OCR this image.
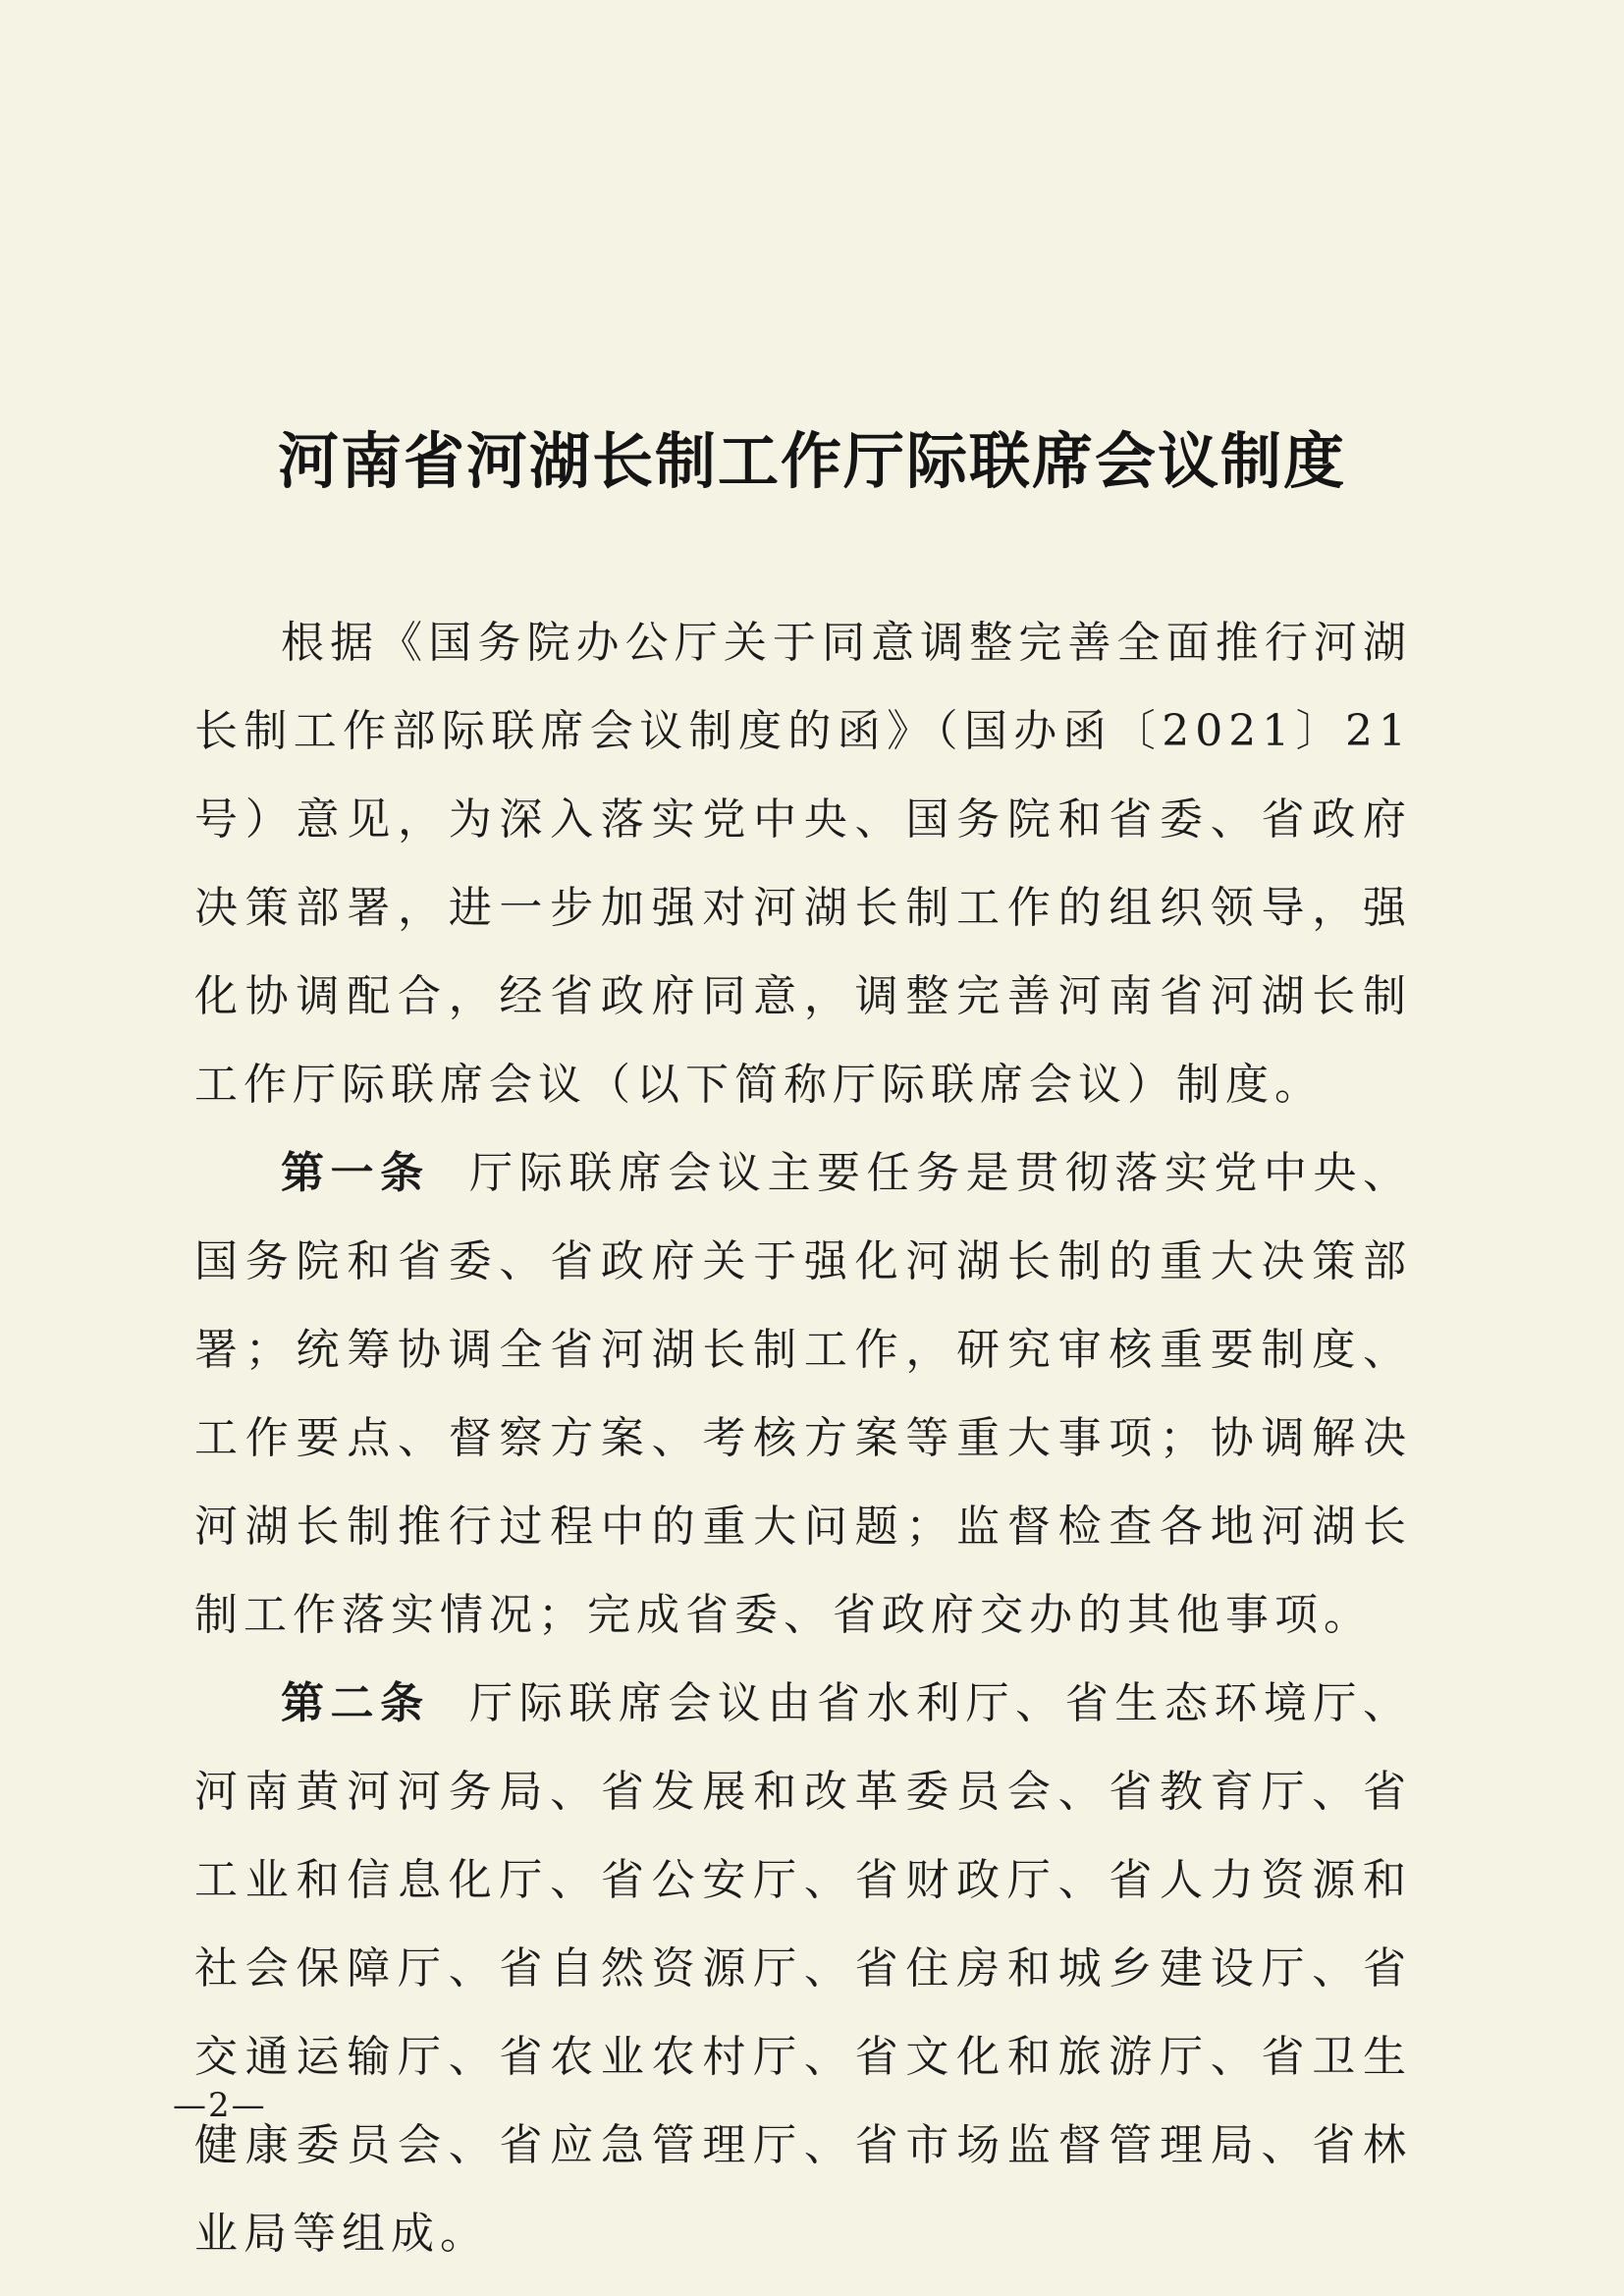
河南省河湖长制工作厅际联席会议制度

根据《国务院办公厅关于同意调整完善全面推行河湖长制工作部际联席会议制度的函》（国办函〔2021〕21号）意见，为深入落实党中央、国务院和省委、省政府决策部署，进一步加强对河湖长制工作的组织领导，强化协调配合，经省政府同意，调整完善河南省河湖长制工作厅际联席会议（以下简称厅际联席会议）制度。

第一条 厅际联席会议主要任务是贯彻落实党中央、国务院和省委、省政府关于强化河湖长制的重大决策部署；统筹协调全省河湖长制工作，研究审核重要制度、工作要点、督察方案、考核方案等重大事项；协调解决河湖长制推行过程中的重大问题；监督检查各地河湖长制工作落实情况；完成省委、省政府交办的其他事项。

第二条 厅际联席会议由省水利厅、省生态环境厅、河南黄河河务局、省发展和改革委员会、省教育厅、省工业和信息化厅、省公安厅、省财政厅、省人力资源和社会保障厅、省自然资源厅、省住房和城乡建设厅、省交通运输厅、省农业农村厅、省文化和旅游厅、省卫生健康委员会、省应急管理厅、省市场监督管理局、省林业局等组成。

—2—
